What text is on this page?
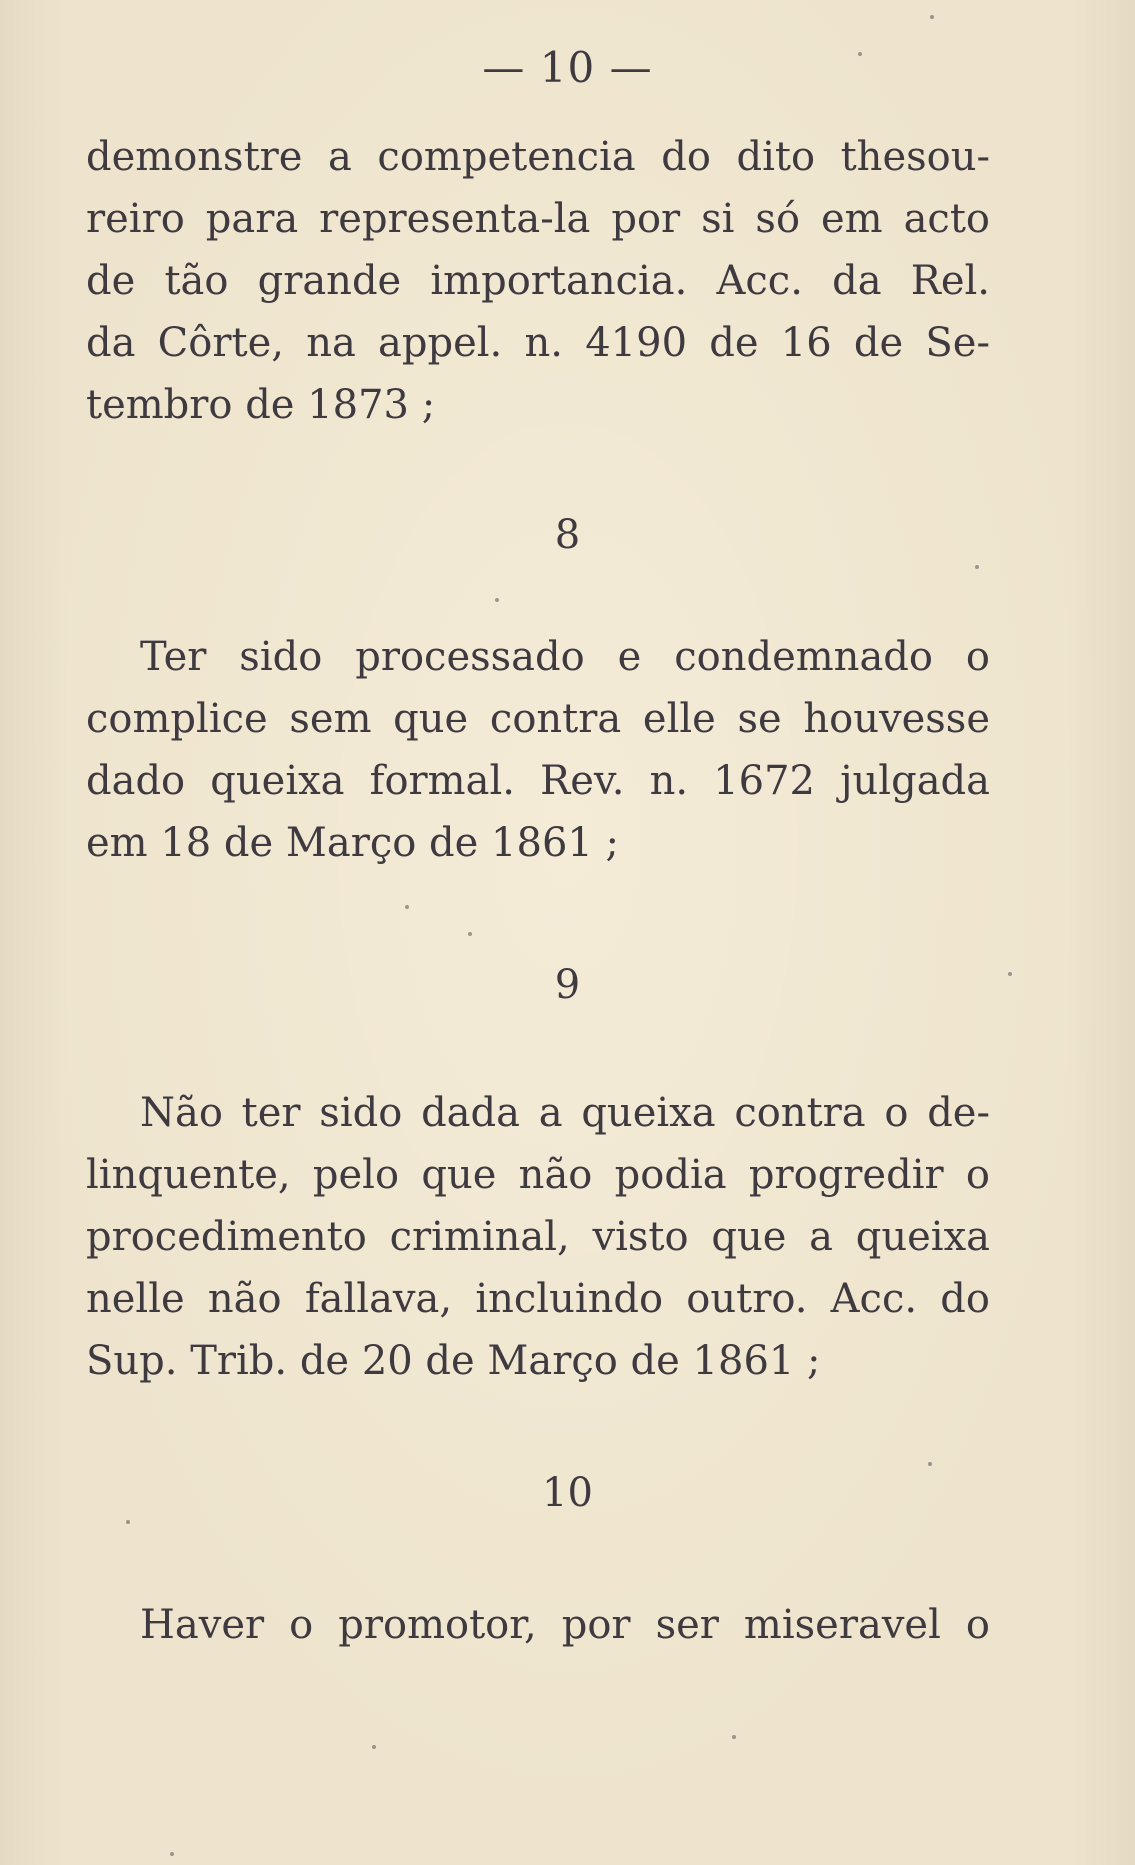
— 10 —
demonstre a competencia do dito thesou-
reiro para representa-la por si só em acto
de tão grande importancia. Acc. da Rel.
da Côrte, na appel. n. 4190 de 16 de Se-
tembro de 1873 ;
8
Ter sido processado e condemnado o
complice sem que contra elle se houvesse
dado queixa formal. Rev. n. 1672 julgada
em 18 de Março de 1861 ;
9
Não ter sido dada a queixa contra o de-
linquente, pelo que não podia progredir o
procedimento criminal, visto que a queixa
nelle não fallava, incluindo outro. Acc. do
Sup. Trib. de 20 de Março de 1861 ;
10
Haver o promotor, por ser miseravel o
